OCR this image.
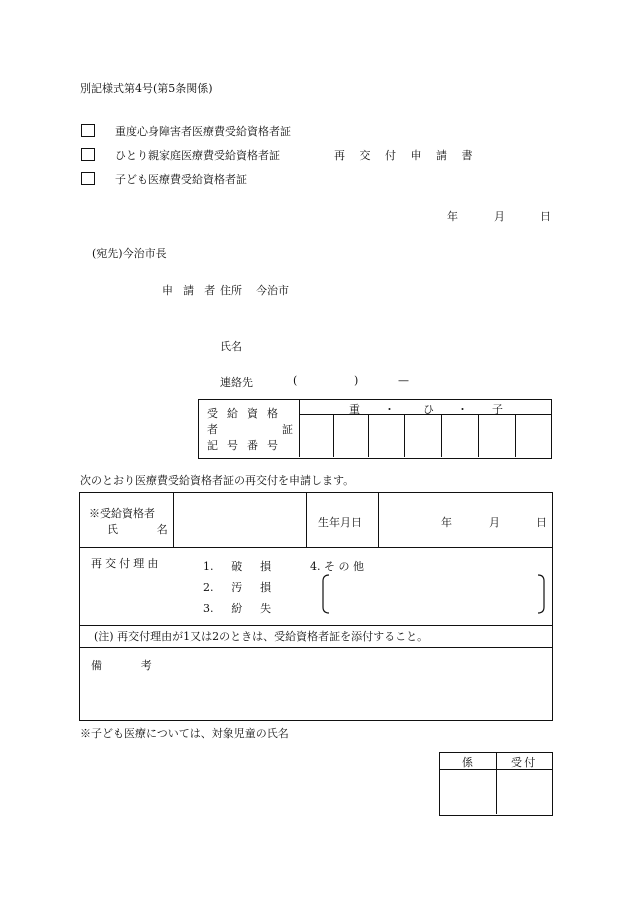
別記様式第4号(第5条関係)
重度心身障害者医療費受給資格者証
ひとり親家庭医療費受給資格者証
子ども医療費受給資格者証
再 交 付 申 請 書
年	月	日
(宛先)今治市長
申 請 者 住所 今治市
氏名
連絡先	(	)	—
受 給 資 格
者	証
記 号 番 号
重 ・	ひ ・ 子
次のとおり医療費受給資格者証の再交付を申請します。
※受給資格者
氏 名
生年月日	年	月	日
再交付理由	1. 破 損
2. 汚 損
3. 紛 失
4. そ の 他
(注) 再交付理由が1又は2のときは、受給資格者証を添付すること。
備 考
※子ども医療については、対象児童の氏名
係	受付
